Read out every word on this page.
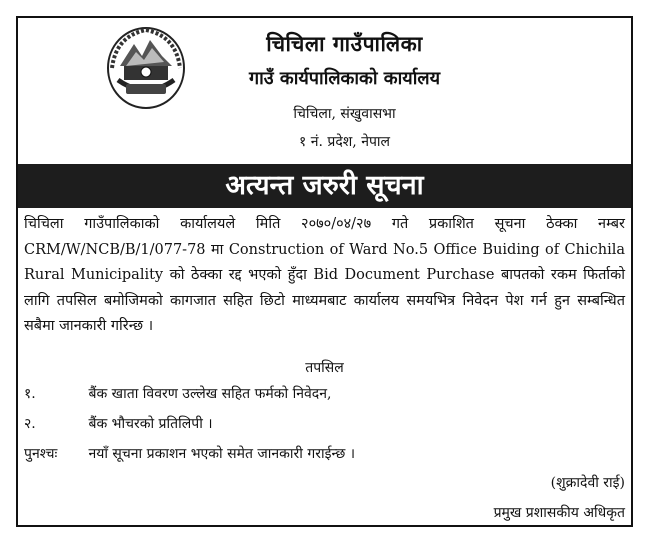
चिचिला गाउँपालिका
गाउँ कार्यपालिकाको कार्यालय
चिचिला, संखुवासभा
१ नं. प्रदेश, नेपाल
अत्यन्त जरुरी सूचना
चिचिला गाउँपालिकाको कार्यालयले मिति २०७०/०४/२७ गते प्रकाशित सूचना ठेक्का नम्बर CRM/W/NCB/B/1/077-78 मा Construction of Ward No.5 Office Buiding of Chichila Rural Municipality को ठेक्का रद्द भएको हुँदा Bid Document Purchase बापतको रकम फिर्ताको लागि तपसिल बमोजिमको कागजात सहित छिटो माध्यमबाट कार्यालय समयभित्र निवेदन पेश गर्न हुन सम्बन्धित सबैमा जानकारी गरिन्छ ।
तपसिल
१.	बैंक खाता विवरण उल्लेख सहित फर्मको निवेदन,
२.	बैंक भौचरको प्रतिलिपी ।
पुनश्चः नयाँ सूचना प्रकाशन भएको समेत जानकारी गराईन्छ ।
(शुक्रादेवी राई)
प्रमुख प्रशासकीय अधिकृत
